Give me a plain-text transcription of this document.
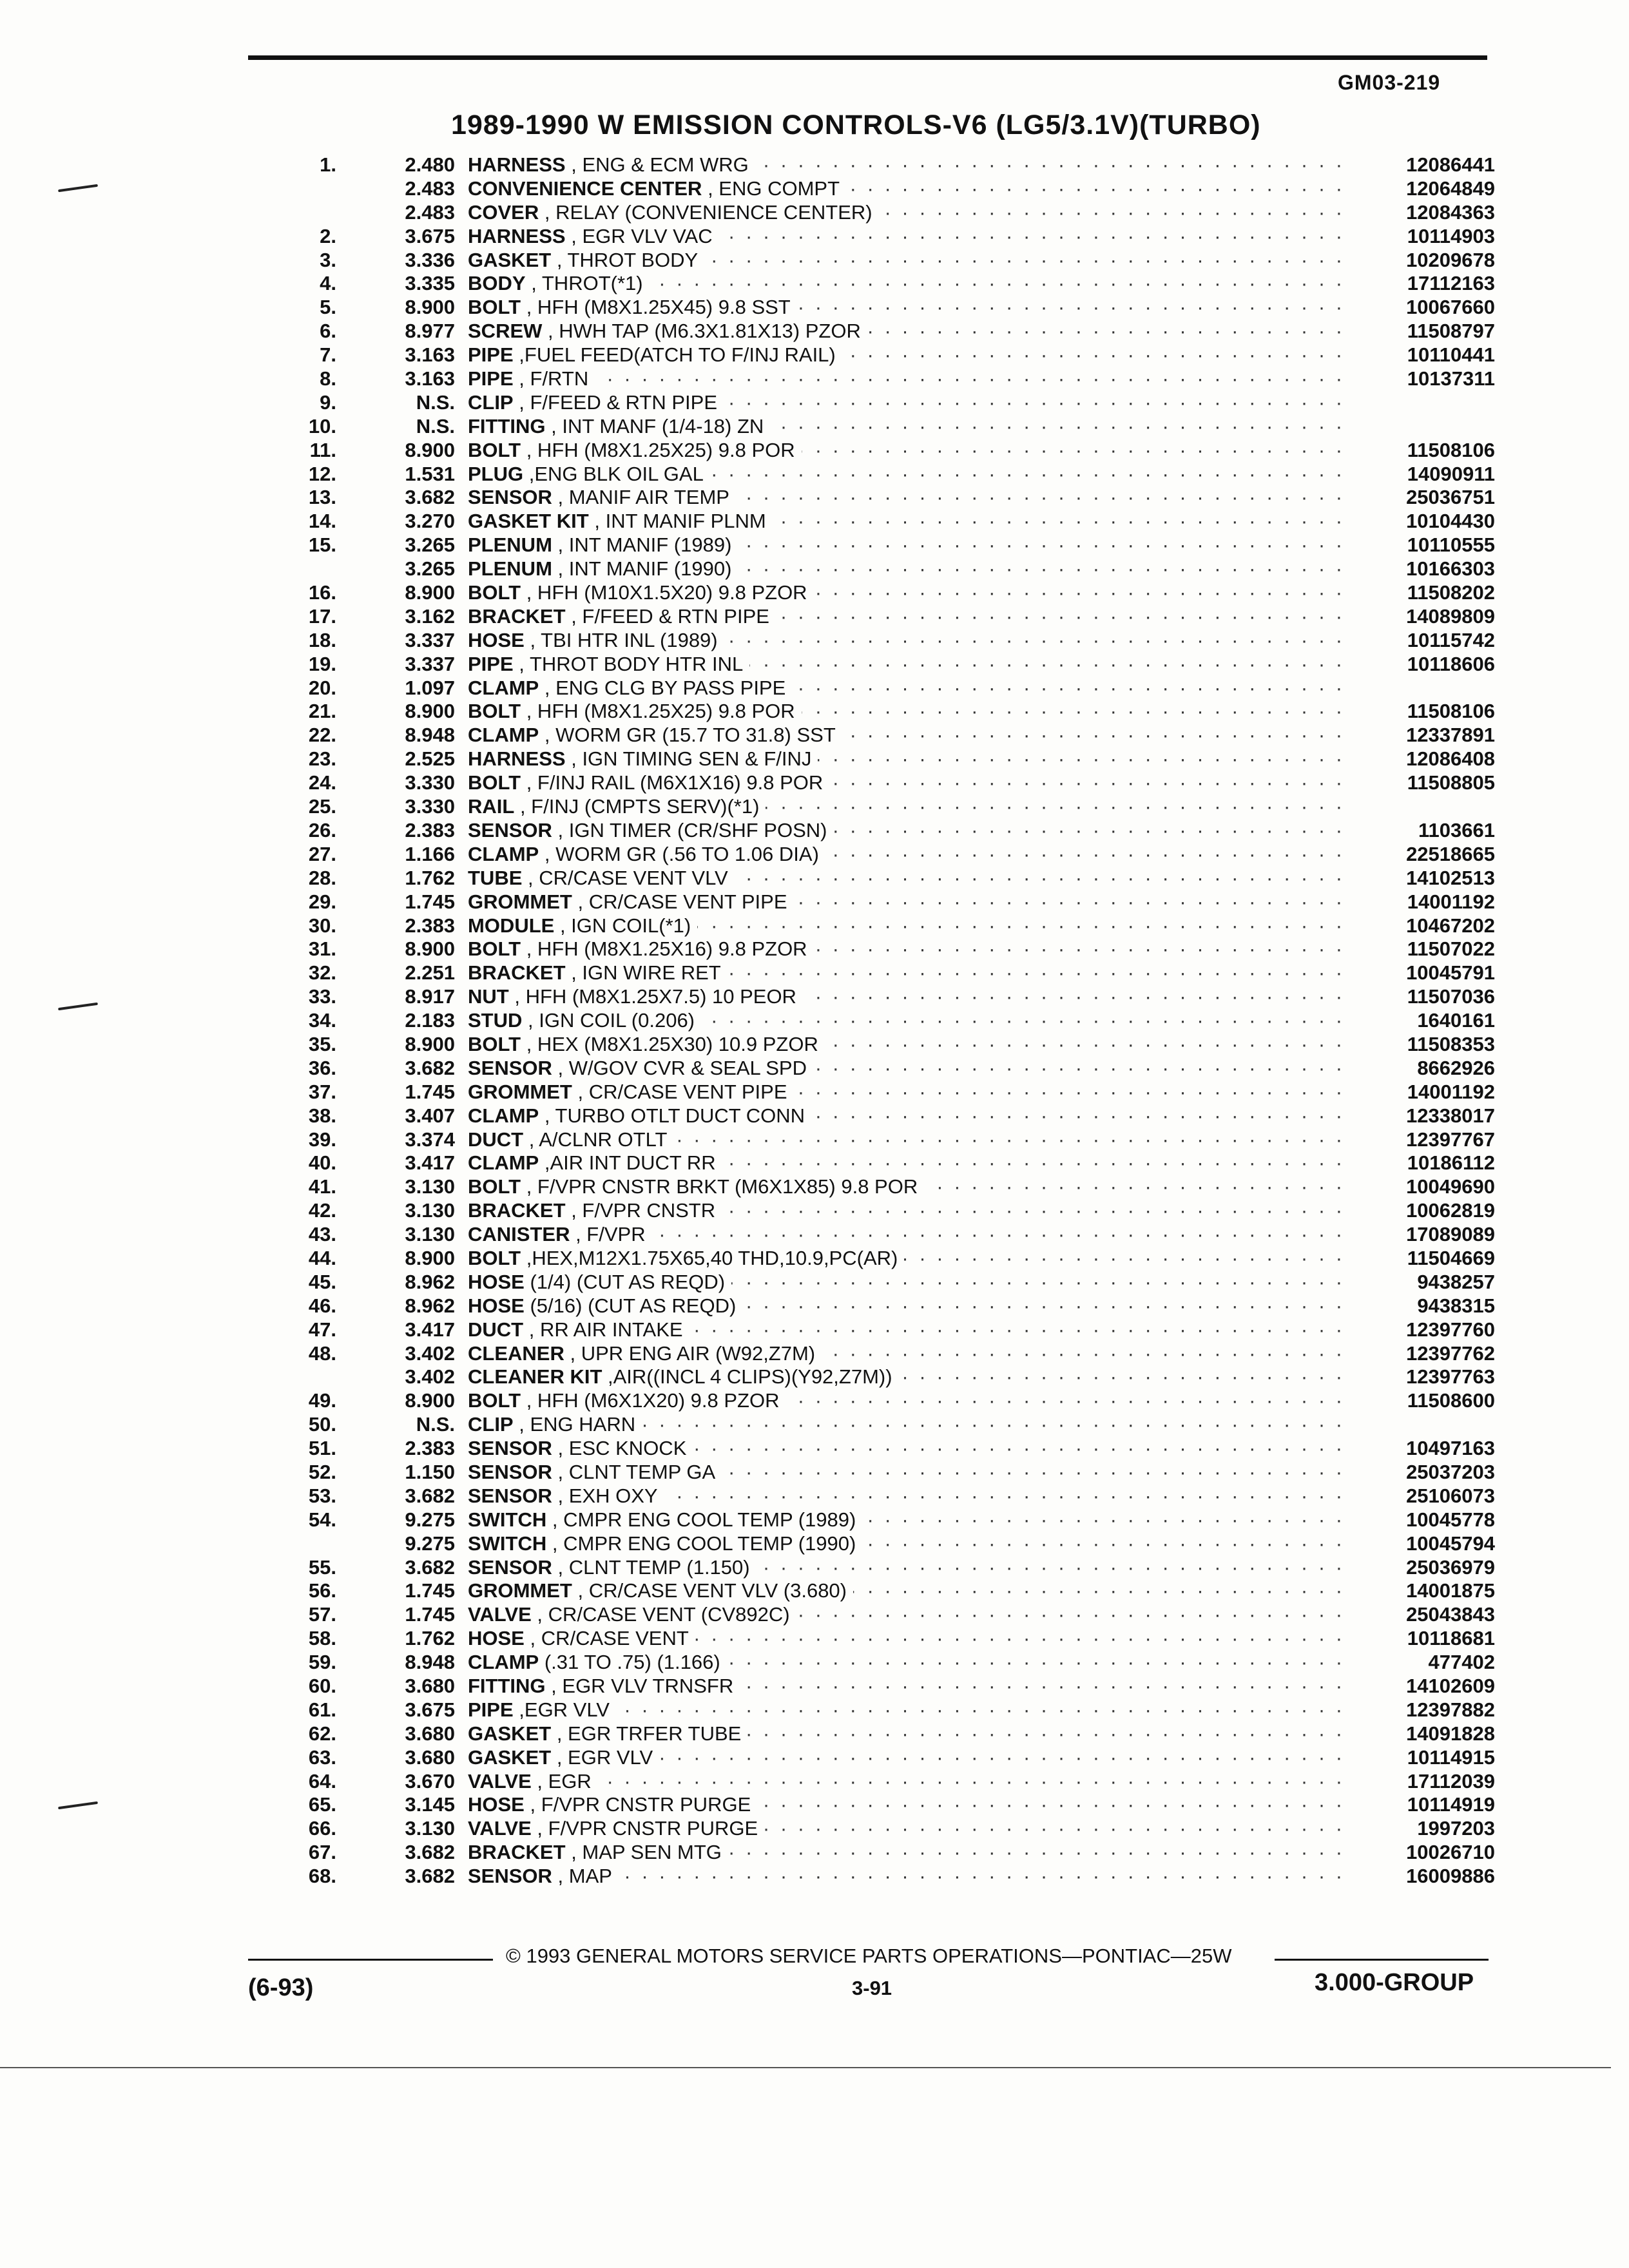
GM03-219
1989-1990 W EMISSION CONTROLS-V6 (LG5/3.1V)(TURBO)
1.	2.480 · · · HARNESS , ENG & ECM WRG	12086441
2.483 · · · CONVENIENCE CENTER , ENG COMPT	12064849
2.483 · · · COVER , RELAY (CONVENIENCE CENTER)	12084363
2.	3.675 · · · HARNESS , EGR VLV VAC	10114903
3.	3.336 · · · GASKET , THROT BODY	10209678
4.	3.335 · · · BODY , THROT(*1)	17112163
5.	8.900 · · · BOLT , HFH (M8X1.25X45) 9.8 SST	10067660
6.	8.977 · · · SCREW , HWH TAP (M6.3X1.81X13) PZOR	11508797
7.	3.163 · · · PIPE ,FUEL FEED(ATCH TO F/INJ RAIL)	10110441
8.	3.163 · · · PIPE , F/RTN	10137311
9.	N.S. · · · CLIP , F/FEED & RTN PIPE
10.	N.S. · · · FITTING , INT MANF (1/4-18) ZN
11.	8.900 · · · BOLT , HFH (M8X1.25X25) 9.8 POR	11508106
12.	1.531 · · · PLUG ,ENG BLK OIL GAL	14090911
13.	3.682 · · · SENSOR , MANIF AIR TEMP	25036751
14.	3.270 · · · GASKET KIT , INT MANIF PLNM	10104430
15.	3.265 · · · PLENUM , INT MANIF (1989)	10110555
3.265 · · · PLENUM , INT MANIF (1990)	10166303
16.	8.900 · · · BOLT , HFH (M10X1.5X20) 9.8 PZOR	11508202
17.	3.162 · · · BRACKET , F/FEED & RTN PIPE	14089809
18.	3.337 · · · HOSE , TBI HTR INL (1989)	10115742
19.	3.337 · · · PIPE , THROT BODY HTR INL	10118606
20.	1.097 · · · CLAMP , ENG CLG BY PASS PIPE
21.	8.900 · · · BOLT , HFH (M8X1.25X25) 9.8 POR	11508106
22.	8.948 · · · CLAMP , WORM GR (15.7 TO 31.8) SST	12337891
23.	2.525 · · · HARNESS , IGN TIMING SEN & F/INJ	12086408
24.	3.330 · · · BOLT , F/INJ RAIL (M6X1X16) 9.8 POR	11508805
25.	3.330 · · · RAIL , F/INJ (CMPTS SERV)(*1)
26.	2.383 · · · SENSOR , IGN TIMER (CR/SHF POSN)	1103661
27.	1.166 · · · CLAMP , WORM GR (.56 TO 1.06 DIA)	22518665
28.	1.762 · · · TUBE , CR/CASE VENT VLV	14102513
29.	1.745 · · · GROMMET , CR/CASE VENT PIPE	14001192
30.	2.383 · · · MODULE , IGN COIL(*1)	10467202
31.	8.900 · · · BOLT , HFH (M8X1.25X16) 9.8 PZOR	11507022
32.	2.251 · · · BRACKET , IGN WIRE RET	10045791
33.	8.917 · · · NUT , HFH (M8X1.25X7.5) 10 PEOR	11507036
34.	2.183 · · · STUD , IGN COIL (0.206)	1640161
35.	8.900 · · · BOLT , HEX (M8X1.25X30) 10.9 PZOR	11508353
36.	3.682 · · · SENSOR , W/GOV CVR & SEAL SPD	8662926
37.	1.745 · · · GROMMET , CR/CASE VENT PIPE	14001192
38.	3.407 · · · CLAMP , TURBO OTLT DUCT CONN	12338017
39.	3.374 · · · DUCT , A/CLNR OTLT	12397767
40.	3.417 · · · CLAMP ,AIR INT DUCT RR	10186112
41.	3.130 · · · BOLT , F/VPR CNSTR BRKT (M6X1X85) 9.8 POR	10049690
42.	3.130 · · · BRACKET , F/VPR CNSTR	10062819
43.	3.130 · · · CANISTER , F/VPR	17089089
44.	8.900 · · · BOLT ,HEX,M12X1.75X65,40 THD,10.9,PC(AR)	11504669
45.	8.962 · · · HOSE (1/4) (CUT AS REQD)	9438257
46.	8.962 · · · HOSE (5/16) (CUT AS REQD)	9438315
47.	3.417 · · · DUCT , RR AIR INTAKE	12397760
48.	3.402 · · · CLEANER , UPR ENG AIR (W92,Z7M)	12397762
3.402 · · · CLEANER KIT ,AIR((INCL 4 CLIPS)(Y92,Z7M))	12397763
49.	8.900 · · · BOLT , HFH (M6X1X20) 9.8 PZOR	11508600
50.	N.S. · · · CLIP , ENG HARN
51.	2.383 · · · SENSOR , ESC KNOCK	10497163
52.	1.150 · · · SENSOR , CLNT TEMP GA	25037203
53.	3.682 · · · SENSOR , EXH OXY	25106073
54.	9.275 · · · SWITCH , CMPR ENG COOL TEMP (1989)	10045778
9.275 · · · SWITCH , CMPR ENG COOL TEMP (1990)	10045794
55.	3.682 · · · SENSOR , CLNT TEMP (1.150)	25036979
56.	1.745 · · · GROMMET , CR/CASE VENT VLV (3.680)	14001875
57.	1.745 · · · VALVE , CR/CASE VENT (CV892C)	25043843
58.	1.762 · · · HOSE , CR/CASE VENT	10118681
59.	8.948 · · · CLAMP (.31 TO .75) (1.166)	477402
60.	3.680 · · · FITTING , EGR VLV TRNSFR	14102609
61.	3.675 · · · PIPE ,EGR VLV	12397882
62.	3.680 · · · GASKET , EGR TRFER TUBE	14091828
63.	3.680 · · · GASKET , EGR VLV	10114915
64.	3.670 · · · VALVE , EGR	17112039
65.	3.145 · · · HOSE , F/VPR CNSTR PURGE	10114919
66.	3.130 · · · VALVE , F/VPR CNSTR PURGE	1997203
67.	3.682 · · · BRACKET , MAP SEN MTG	10026710
68.	3.682 · · · SENSOR , MAP	16009886
© 1993 GENERAL MOTORS SERVICE PARTS OPERATIONS—PONTIAC—25W
(6-93)	3-91	3.000-GROUP
